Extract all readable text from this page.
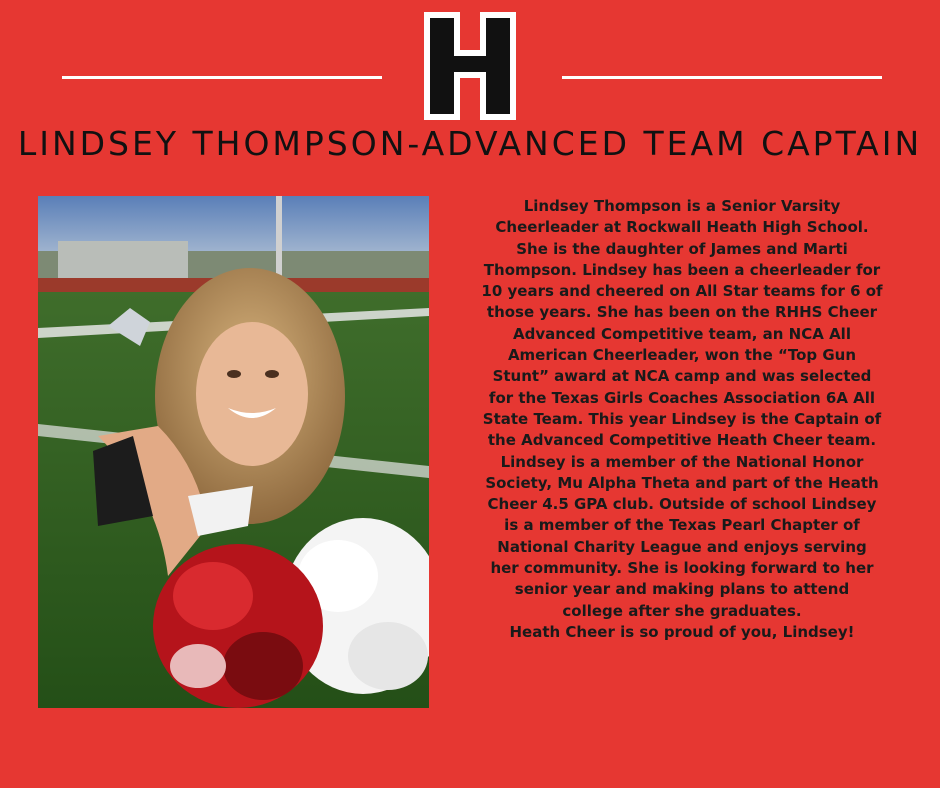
H
LINDSEY THOMPSON-ADVANCED TEAM CAPTAIN

Lindsey Thompson is a Senior Varsity
Cheerleader at Rockwall Heath High School.
She is the daughter of James and Marti
Thompson. Lindsey has been a cheerleader for
10 years and cheered on All Star teams for 6 of
those years. She has been on the RHHS Cheer
Advanced Competitive team, an NCA All
American Cheerleader, won the “Top Gun
Stunt” award at NCA camp and was selected
for the Texas Girls Coaches Association 6A All
State Team. This year Lindsey is the Captain of
the Advanced Competitive Heath Cheer team.
Lindsey is a member of the National Honor
Society, Mu Alpha Theta and part of the Heath
Cheer 4.5 GPA club. Outside of school Lindsey
is a member of the Texas Pearl Chapter of
National Charity League and enjoys serving
her community. She is looking forward to her
senior year and making plans to attend
college after she graduates.
Heath Cheer is so proud of you, Lindsey!
